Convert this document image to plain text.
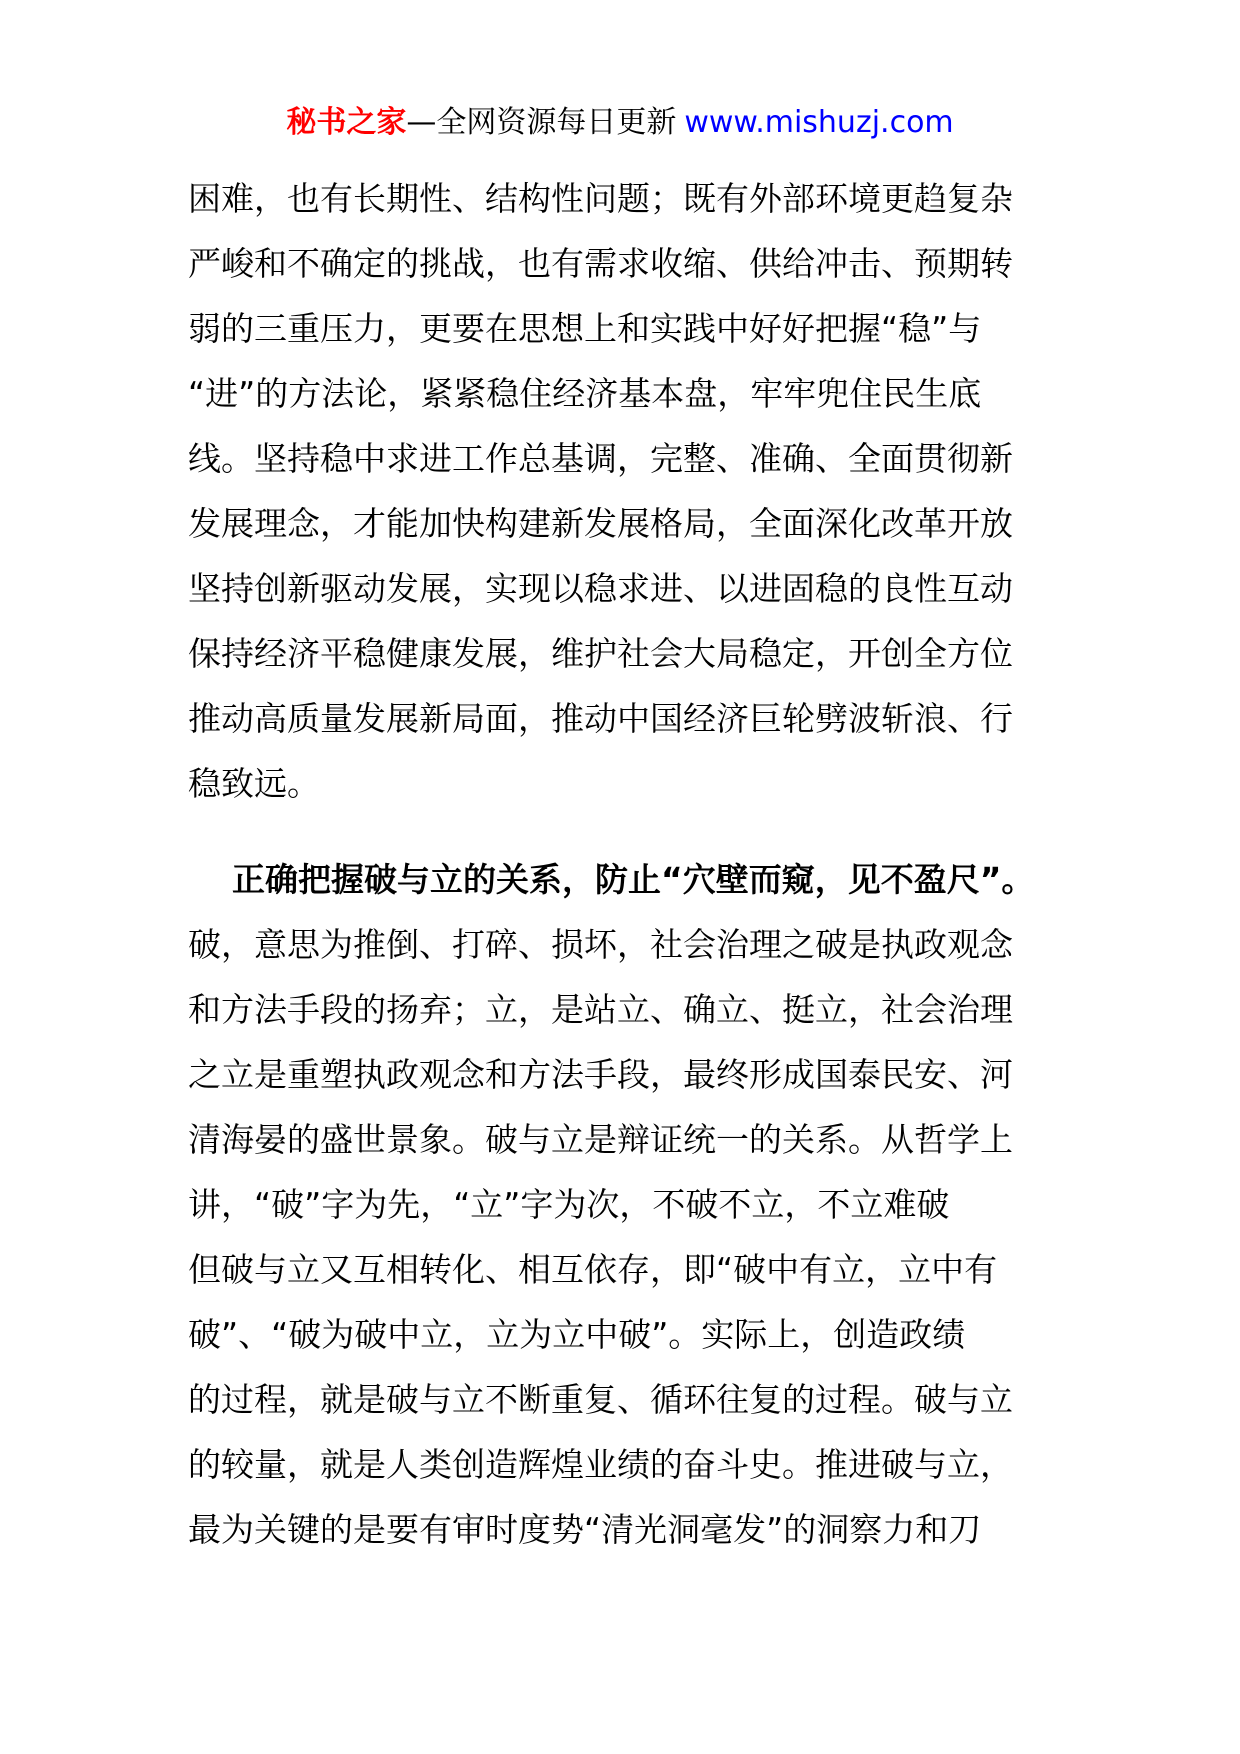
秘书之家—全网资源每日更新 www.mishuzj.com
困难，也有长期性、结构性问题；既有外部环境更趋复杂
严峻和不确定的挑战，也有需求收缩、供给冲击、预期转
弱的三重压力，更要在思想上和实践中好好把握“稳”与
“进”的方法论，紧紧稳住经济基本盘，牢牢兜住民生底
线。坚持稳中求进工作总基调，完整、准确、全面贯彻新
发展理念，才能加快构建新发展格局，全面深化改革开放
坚持创新驱动发展，实现以稳求进、以进固稳的良性互动
保持经济平稳健康发展，维护社会大局稳定，开创全方位
推动高质量发展新局面，推动中国经济巨轮劈波斩浪、行
稳致远。
正确把握破与立的关系，防止“穴壁而窥，见不盈尺”。
破，意思为推倒、打碎、损坏，社会治理之破是执政观念
和方法手段的扬弃；立，是站立、确立、挺立，社会治理
之立是重塑执政观念和方法手段，最终形成国泰民安、河
清海晏的盛世景象。破与立是辩证统一的关系。从哲学上
讲，“破”字为先，“立”字为次，不破不立，不立难破
但破与立又互相转化、相互依存，即“破中有立，立中有
破”、“破为破中立，立为立中破”。实际上，创造政绩
的过程，就是破与立不断重复、循环往复的过程。破与立
的较量，就是人类创造辉煌业绩的奋斗史。推进破与立，
最为关键的是要有审时度势“清光洞毫发”的洞察力和刀
